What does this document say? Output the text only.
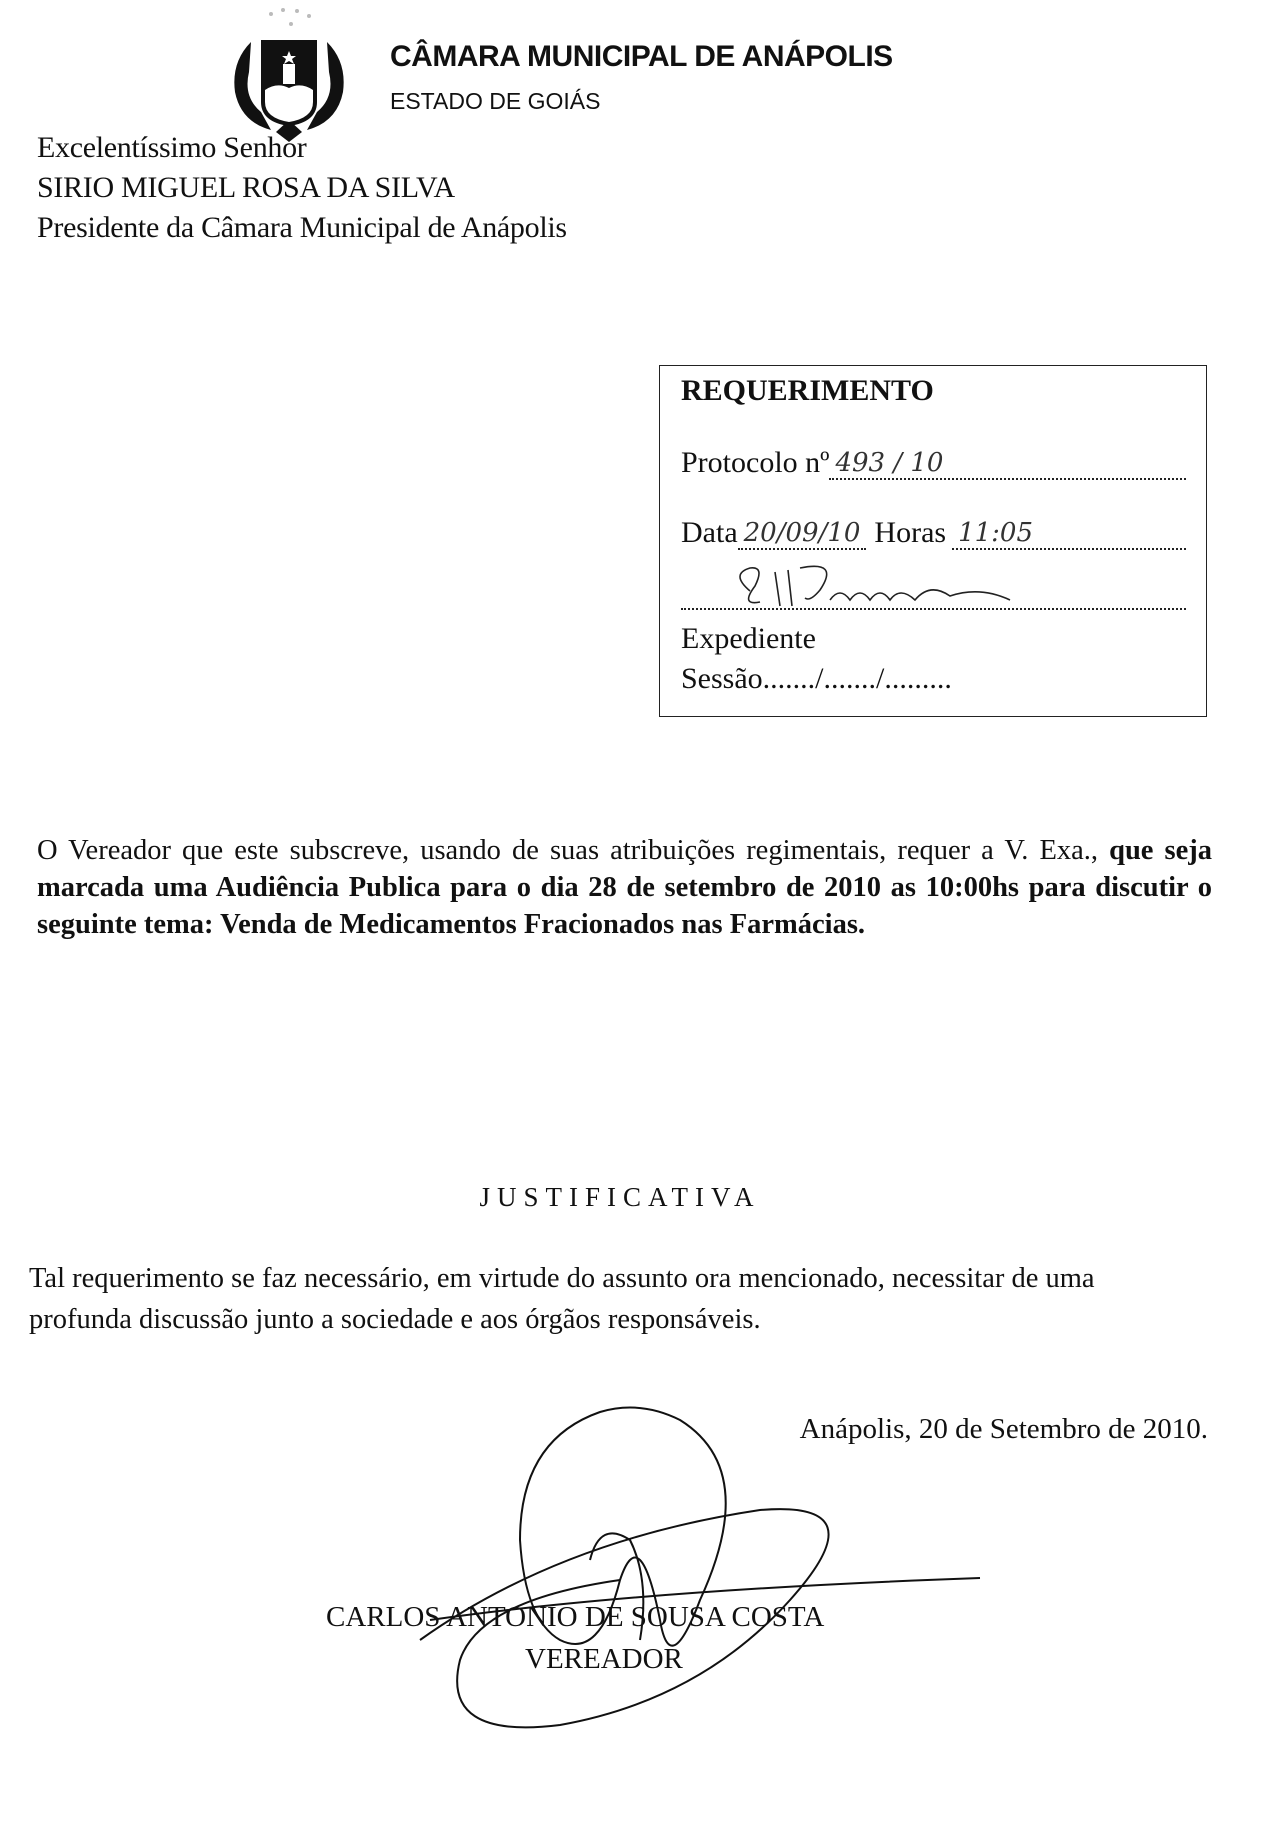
CÂMARA MUNICIPAL DE ANÁPOLIS
ESTADO DE GOIÁS
Excelentíssimo Senhor
SIRIO MIGUEL ROSA DA SILVA
Presidente da Câmara Municipal de Anápolis
REQUERIMENTO
Protocolo nº 493 / 10
Data 20/09/10 Horas 11:05
Expediente
Sessão......./......./.........
O Vereador que este subscreve, usando de suas atribuições regimentais, requer a V. Exa., que seja marcada uma Audiência Publica para o dia 28 de setembro de 2010 as 10:00hs para discutir o seguinte tema: Venda de Medicamentos Fracionados nas Farmácias.
JUSTIFICATIVA
Tal requerimento se faz necessário, em virtude do assunto ora mencionado, necessitar de uma profunda discussão junto a sociedade e aos órgãos responsáveis.
Anápolis, 20 de Setembro de 2010.
CARLOS ANTONIO DE SOUSA COSTA
VEREADOR
